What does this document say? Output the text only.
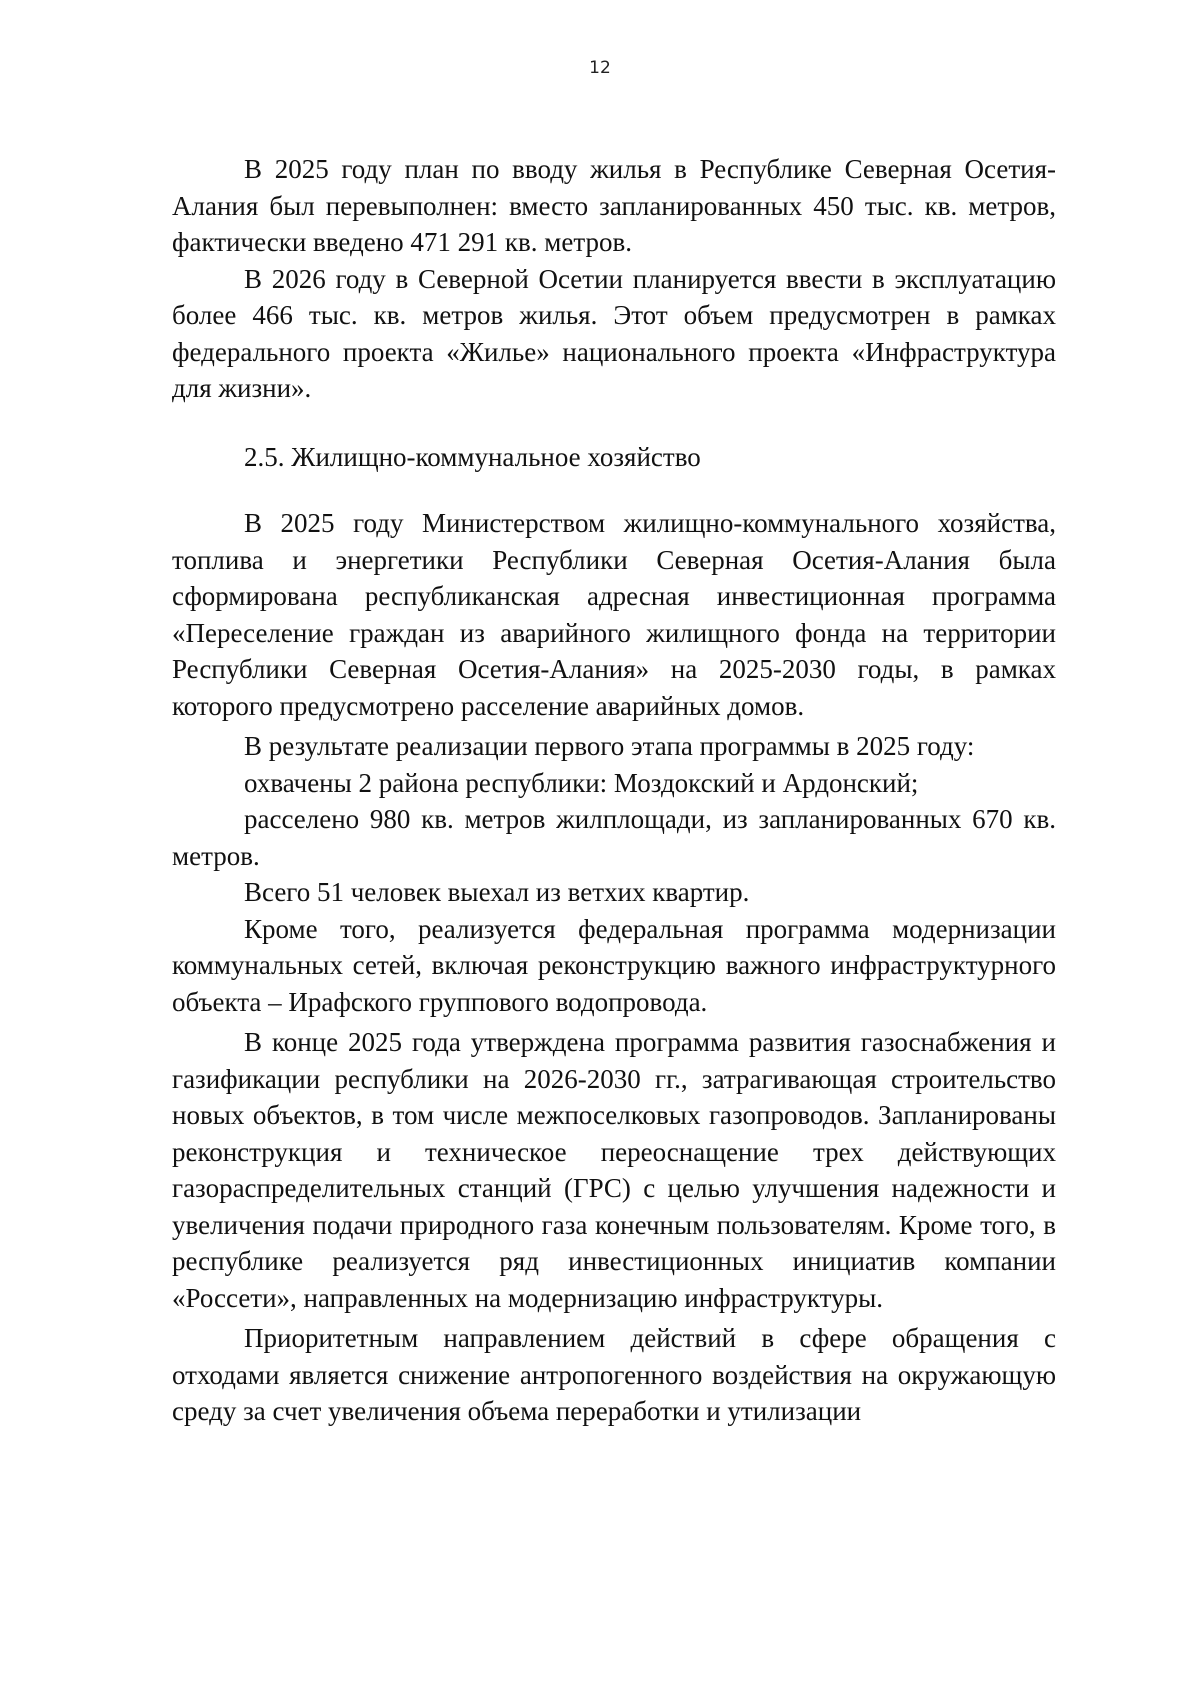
12

В 2025 году план по вводу жилья в Республике Северная Осетия-Алания был перевыполнен: вместо запланированных 450 тыс. кв. метров, фактически введено 471 291 кв. метров.

В 2026 году в Северной Осетии планируется ввести в эксплуатацию более 466 тыс. кв. метров жилья. Этот объем предусмотрен в рамках федерального проекта «Жилье» национального проекта «Инфраструктура для жизни».

2.5. Жилищно-коммунальное хозяйство

В 2025 году Министерством жилищно-коммунального хозяйства, топлива и энергетики Республики Северная Осетия-Алания была сформирована республиканская адресная инвестиционная программа «Переселение граждан из аварийного жилищного фонда на территории Республики Северная Осетия-Алания» на 2025-2030 годы, в рамках которого предусмотрено расселение аварийных домов.

В результате реализации первого этапа программы в 2025 году:

охвачены 2 района республики: Моздокский и Ардонский;

расселено 980 кв. метров жилплощади, из запланированных 670 кв. метров.

Всего 51 человек выехал из ветхих квартир.

Кроме того, реализуется федеральная программа модернизации коммунальных сетей, включая реконструкцию важного инфраструктурного объекта – Ирафского группового водопровода.

В конце 2025 года утверждена программа развития газоснабжения и газификации республики на 2026-2030 гг., затрагивающая строительство новых объектов, в том числе межпоселковых газопроводов. Запланированы реконструкция и техническое переоснащение трех действующих газораспределительных станций (ГРС) с целью улучшения надежности и увеличения подачи природного газа конечным пользователям. Кроме того, в республике реализуется ряд инвестиционных инициатив компании «Россети», направленных на модернизацию инфраструктуры.

Приоритетным направлением действий в сфере обращения с отходами является снижение антропогенного воздействия на окружающую среду за счет увеличения объема переработки и утилизации
